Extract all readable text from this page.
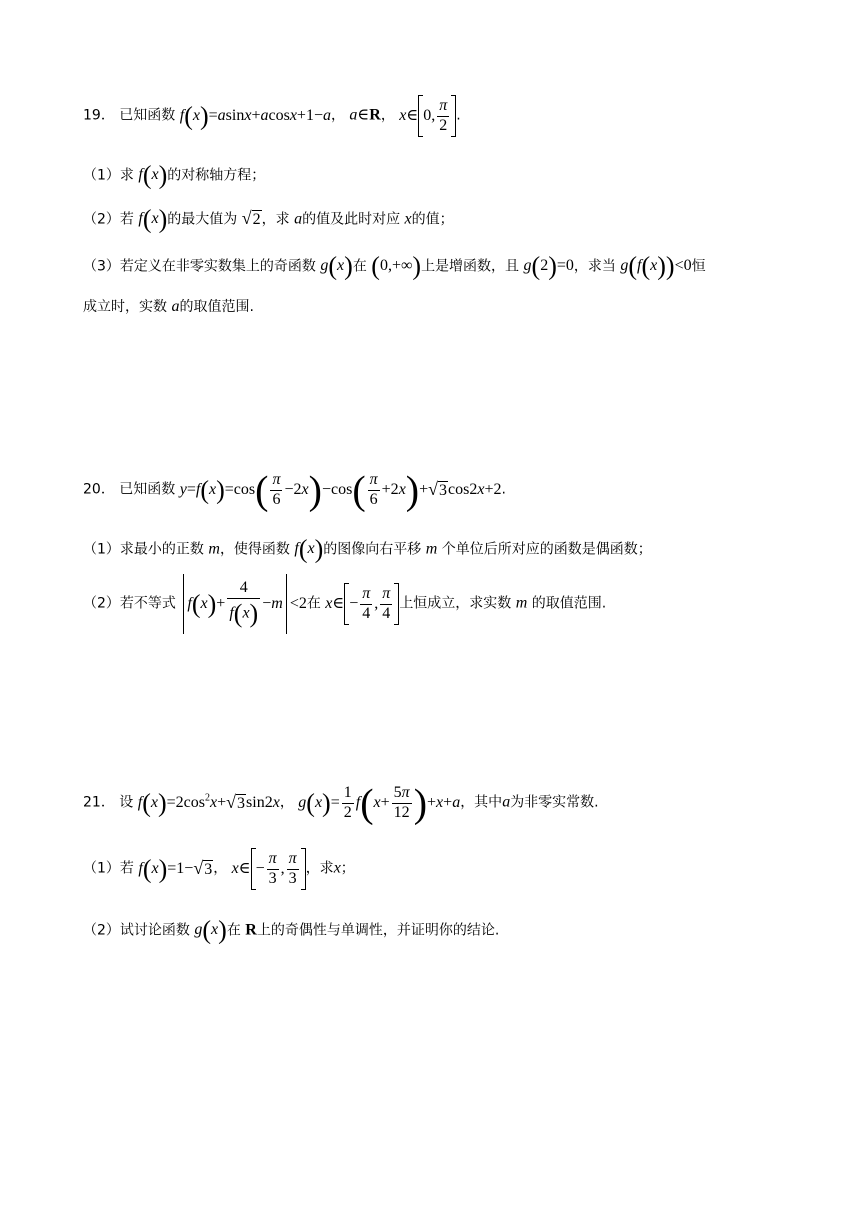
19． 已知函数 f(x)=asinx+acosx+1−a， a∈R， x∈ 0, $\frac{\pi}{2}$ .
（1）求 f(x)的对称轴方程；
（2）若 f(x)的最大值为 √2，求 a的值及此时对应 x的值；
（3）若定义在非零实数集上的奇函数 g(x)在 (0,+∞)上是增函数，且 g(2)=0，求当 g(f(x))<0恒
成立时，实数 a的取值范围.
20． 已知函数 $y=f(x)=\cos( \frac{\pi}{6} -2x)-\cos( \frac{\pi}{6} +2x)+√3\cos 2x+2$.
（1）求最小的正数 m，使得函数 f(x)的图像向右平移 m 个单位后所对应的函数是偶函数；
（2）若不等式 $f(x)+ \frac{4}{f(x)} -m <2$在 x∈ − $\frac{\pi}{4}$ , $\frac{\pi}{4}$ 上恒成立，求实数 m 的取值范围.
21． 设 $f(x)=2\cos^2x+√3\sin 2x$， $g(x)= \frac{1}{2} f(x+ \frac{5\pi}{12} )+x+a$，其中a为非零实常数.
（1）若 f(x)=1−√3， x∈ − $\frac{\pi}{3}$ , $\frac{\pi}{3}$ ，求x；
（2）试讨论函数 g(x)在 R上的奇偶性与单调性，并证明你的结论.
